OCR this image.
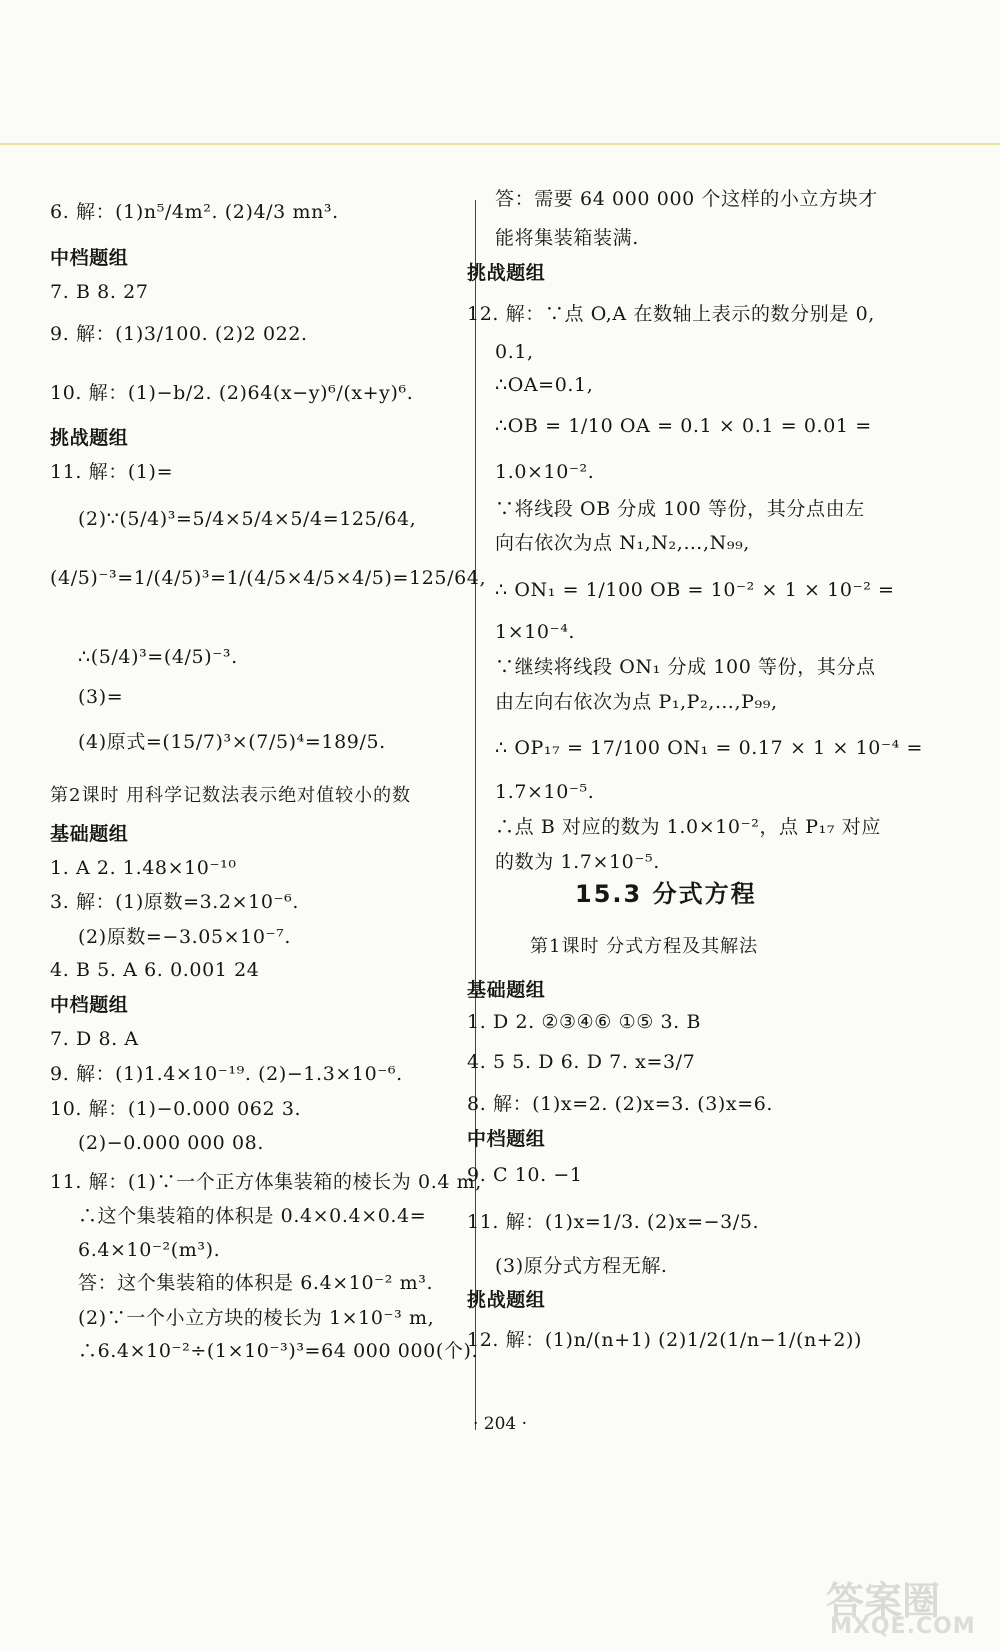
6. 解：(1)n⁵/4m². (2)4/3 mn³.
中档题组
7. B 8. 27
9. 解：(1)3/100. (2)2 022.
10. 解：(1)−b/2. (2)64(x−y)⁶/(x+y)⁶.
挑战题组
11. 解：(1)=
(2)∵(5/4)³=5/4×5/4×5/4=125/64,
(4/5)⁻³=1/(4/5)³=1/(4/5×4/5×4/5)=125/64,
∴(5/4)³=(4/5)⁻³.
(3)=
(4)原式=(15/7)³×(7/5)⁴=189/5.
第2课时 用科学记数法表示绝对值较小的数
基础题组
1. A 2. 1.48×10⁻¹⁰
3. 解：(1)原数=3.2×10⁻⁶.
(2)原数=−3.05×10⁻⁷.
4. B 5. A 6. 0.001 24
中档题组
7. D 8. A
9. 解：(1)1.4×10⁻¹⁹. (2)−1.3×10⁻⁶.
10. 解：(1)−0.000 062 3.
(2)−0.000 000 08.
11. 解：(1)∵一个正方体集装箱的棱长为 0.4 m,
∴这个集装箱的体积是 0.4×0.4×0.4=
6.4×10⁻²(m³).
答：这个集装箱的体积是 6.4×10⁻² m³.
(2)∵一个小立方块的棱长为 1×10⁻³ m,
∴6.4×10⁻²÷(1×10⁻³)³=64 000 000(个).
答：需要 64 000 000 个这样的小立方块才
能将集装箱装满.
挑战题组
12. 解：∵点 O,A 在数轴上表示的数分别是 0,
0.1,
∴OA=0.1,
∴OB = 1/10 OA = 0.1 × 0.1 = 0.01 =
1.0×10⁻².
∵将线段 OB 分成 100 等份，其分点由左
向右依次为点 N₁,N₂,…,N₉₉,
∴ ON₁ = 1/100 OB = 10⁻² × 1 × 10⁻² =
1×10⁻⁴.
∵继续将线段 ON₁ 分成 100 等份，其分点
由左向右依次为点 P₁,P₂,…,P₉₉,
∴ OP₁₇ = 17/100 ON₁ = 0.17 × 1 × 10⁻⁴ =
1.7×10⁻⁵.
∴点 B 对应的数为 1.0×10⁻²，点 P₁₇ 对应
的数为 1.7×10⁻⁵.
15.3 分式方程
第1课时 分式方程及其解法
基础题组
1. D 2. ②③④⑥ ①⑤ 3. B
4. 5 5. D 6. D 7. x=3/7
8. 解：(1)x=2. (2)x=3. (3)x=6.
中档题组
9. C 10. −1
11. 解：(1)x=1/3. (2)x=−3/5.
(3)原分式方程无解.
挑战题组
12. 解：(1)n/(n+1) (2)1/2(1/n−1/(n+2))
· 204 ·
答案圈
MXQE.COM
